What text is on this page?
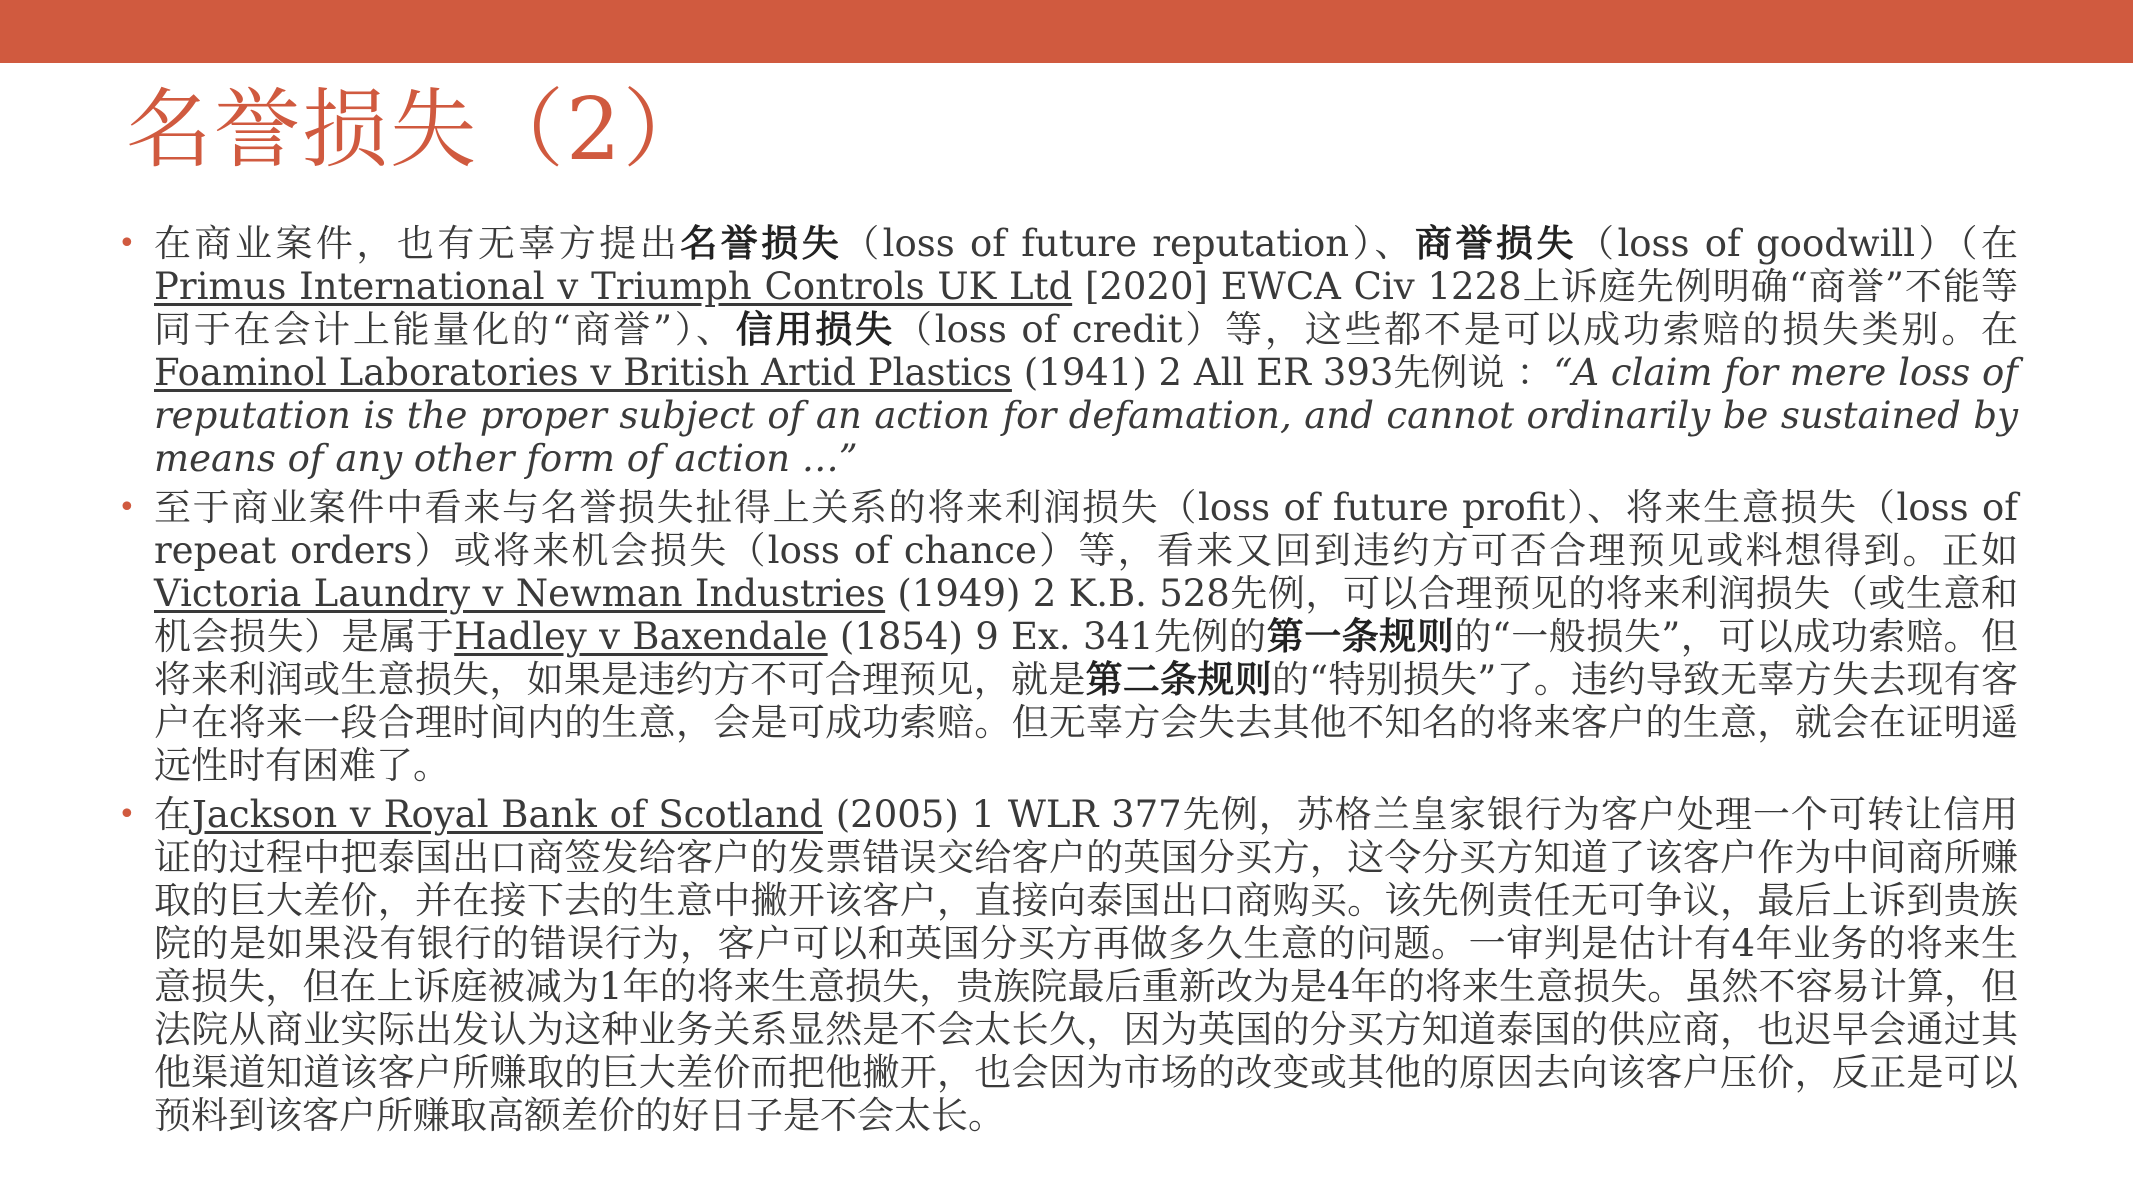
名誉损失（2）
• 在商业案件，也有无辜方提出名誉损失（loss of future reputation）、商誉损失（loss of goodwill）（在Primus International v Triumph Controls UK Ltd [2020] EWCA Civ 1228上诉庭先例明确“商誉”不能等同于在会计上能量化的“商誉”）、信用损失（loss of credit）等，这些都不是可以成功索赔的损失类别。在Foaminol Laboratories v British Artid Plastics (1941) 2 All ER 393先例说 ：“A claim for mere loss of reputation is the proper subject of an action for defamation, and cannot ordinarily be sustained by means of any other form of action …”
• 至于商业案件中看来与名誉损失扯得上关系的将来利润损失（loss of future profit）、将来生意损失（loss of repeat orders）或将来机会损失（loss of chance）等，看来又回到违约方可否合理预见或料想得到。正如Victoria Laundry v Newman Industries (1949) 2 K.B. 528先例，可以合理预见的将来利润损失（或生意和机会损失）是属于Hadley v Baxendale (1854) 9 Ex. 341先例的第一条规则的“一般损失”，可以成功索赔。但将来利润或生意损失，如果是违约方不可合理预见，就是第二条规则的“特别损失”了。违约导致无辜方失去现有客户在将来一段合理时间内的生意，会是可成功索赔。但无辜方会失去其他不知名的将来客户的生意，就会在证明遥远性时有困难了。
• 在Jackson v Royal Bank of Scotland (2005) 1 WLR 377先例，苏格兰皇家银行为客户处理一个可转让信用证的过程中把泰国出口商签发给客户的发票错误交给客户的英国分买方，这令分买方知道了该客户作为中间商所赚取的巨大差价，并在接下去的生意中撇开该客户，直接向泰国出口商购买。该先例责任无可争议，最后上诉到贵族院的是如果没有银行的错误行为，客户可以和英国分买方再做多久生意的问题。一审判是估计有4年业务的将来生意损失，但在上诉庭被减为1年的将来生意损失，贵族院最后重新改为是4年的将来生意损失。虽然不容易计算，但法院从商业实际出发认为这种业务关系显然是不会太长久，因为英国的分买方知道泰国的供应商，也迟早会通过其他渠道知道该客户所赚取的巨大差价而把他撇开，也会因为市场的改变或其他的原因去向该客户压价，反正是可以预料到该客户所赚取高额差价的好日子是不会太长。
